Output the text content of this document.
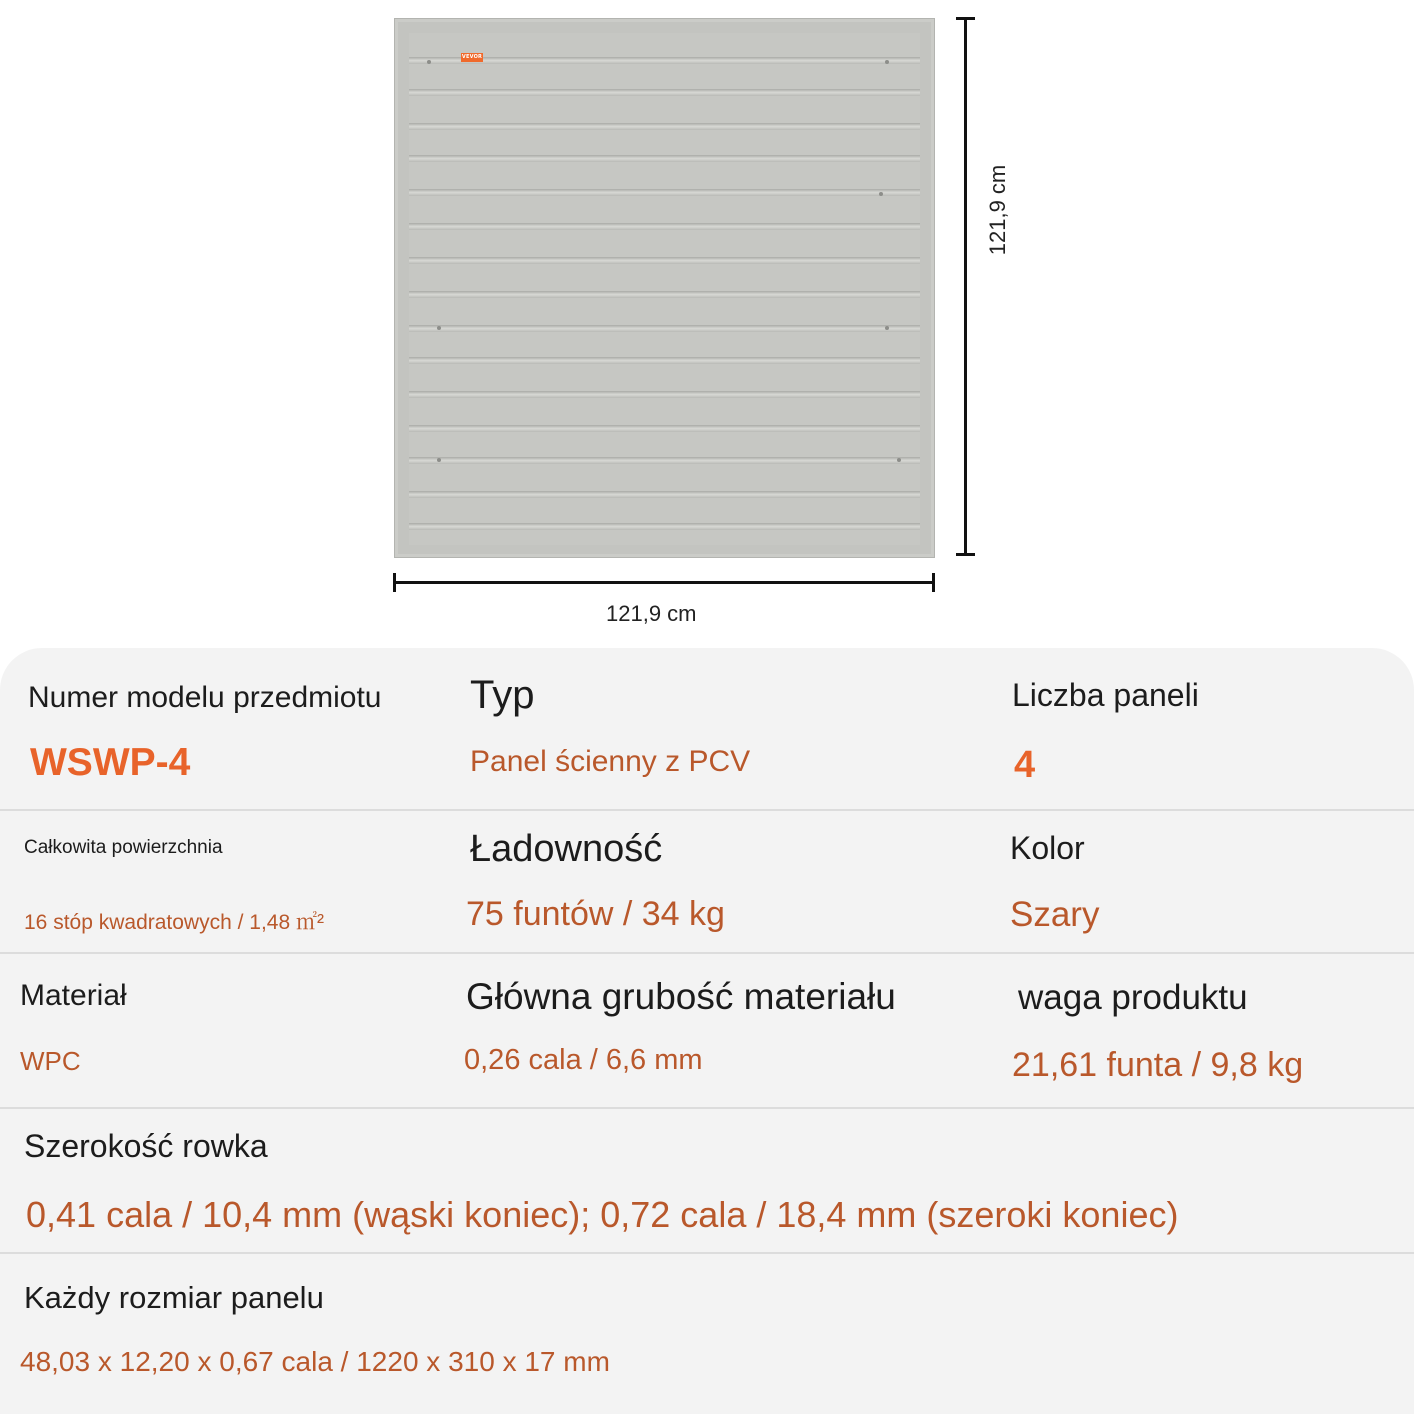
VEVOR
121,9 cm
121,9 cm
Numer modelu przedmiotu
WSWP-4
Typ
Panel ścienny z PCV
Liczba paneli
4
Całkowita powierzchnia
16 stóp kwadratowych / 1,48 ㎡²
Ładowność
75 funtów / 34 kg
Kolor
Szary
Materiał
WPC
Główna grubość materiału
0,26 cala / 6,6 mm
waga produktu
21,61 funta / 9,8 kg
Szerokość rowka
0,41 cala / 10,4 mm (wąski koniec); 0,72 cala / 18,4 mm (szeroki koniec)
Każdy rozmiar panelu
48,03 x 12,20 x 0,67 cala / 1220 x 310 x 17 mm
